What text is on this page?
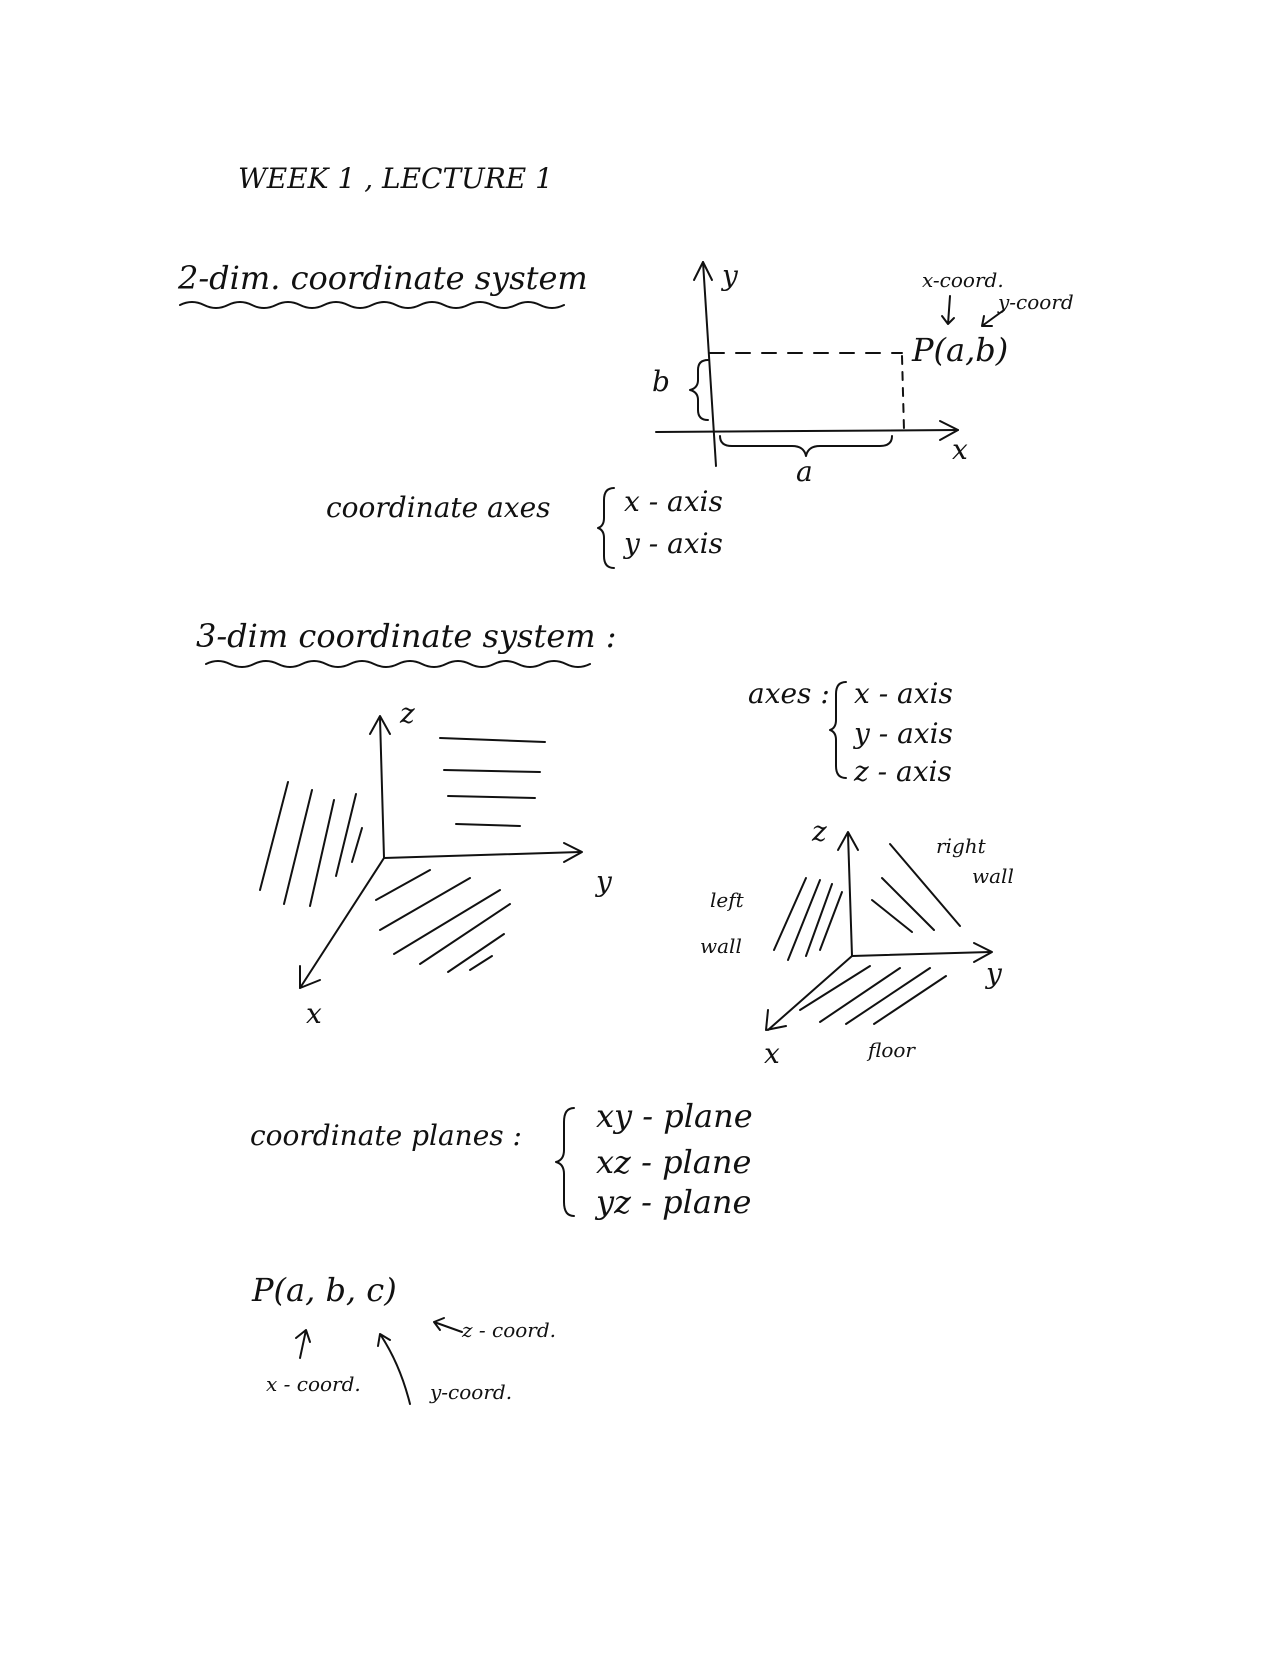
WEEK 1 , LECTURE 1
2-dim. coordinate system	y
x
b
a
P(a,b)
x-coord.
y-coord
coordinate axes	x - axis
y - axis
3-dim coordinate system :
z
y
x
axes : x - axis
y - axis
z - axis
z
y
x
left
wall
right
wall
floor
coordinate planes :
xy - plane
xz - plane
yz - plane
P(a, b, c)
x - coord.	y-coord.
z - coord.
